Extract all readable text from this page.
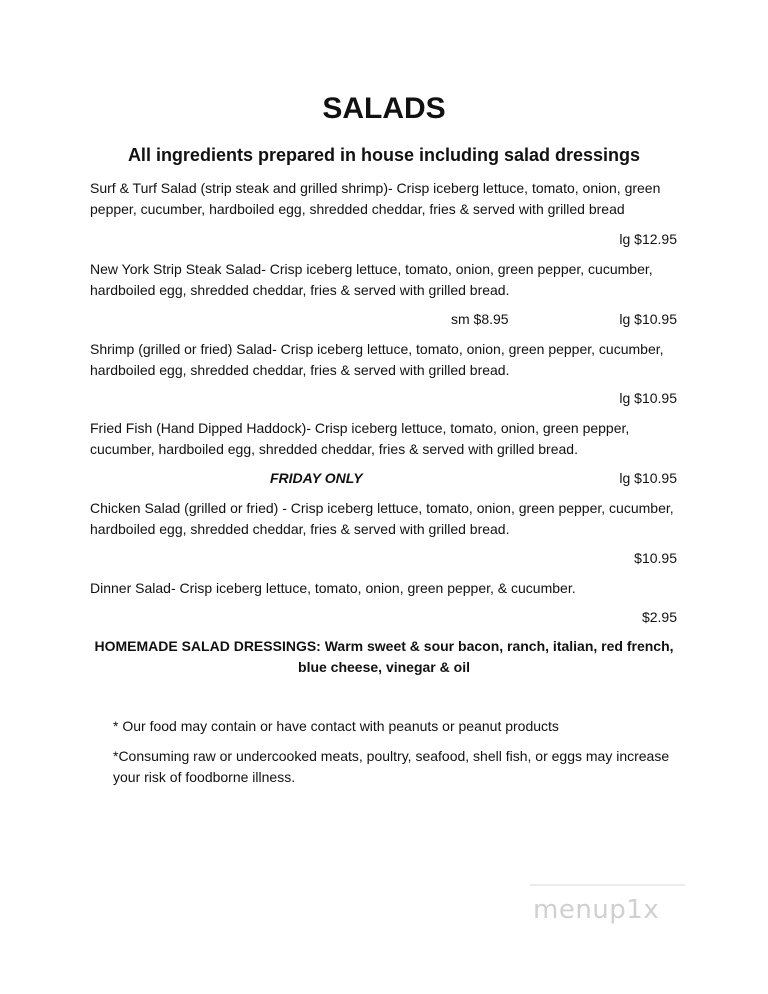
SALADS
All ingredients prepared in house including salad dressings

Surf & Turf Salad (strip steak and grilled shrimp)- Crisp iceberg lettuce, tomato, onion, green pepper, cucumber, hardboiled egg, shredded cheddar, fries & served with grilled bread

lg $12.95

New York Strip Steak Salad- Crisp iceberg lettuce, tomato, onion, green pepper, cucumber, hardboiled egg, shredded cheddar, fries & served with grilled bread.

sm $8.95	lg $10.95

Shrimp (grilled or fried) Salad- Crisp iceberg lettuce, tomato, onion, green pepper, cucumber, hardboiled egg, shredded cheddar, fries & served with grilled bread.

lg $10.95

Fried Fish (Hand Dipped Haddock)- Crisp iceberg lettuce, tomato, onion, green pepper, cucumber, hardboiled egg, shredded cheddar, fries & served with grilled bread.

FRIDAY ONLY	lg $10.95

Chicken Salad (grilled or fried) - Crisp iceberg lettuce, tomato, onion, green pepper, cucumber, hardboiled egg, shredded cheddar, fries & served with grilled bread.

$10.95

Dinner Salad- Crisp iceberg lettuce, tomato, onion, green pepper, & cucumber.

$2.95

HOMEMADE SALAD DRESSINGS: Warm sweet & sour bacon, ranch, italian, red french, blue cheese, vinegar & oil

* Our food may contain or have contact with peanuts or peanut products

*Consuming raw or undercooked meats, poultry, seafood, shell fish, or eggs may increase your risk of foodborne illness.

menup1x
